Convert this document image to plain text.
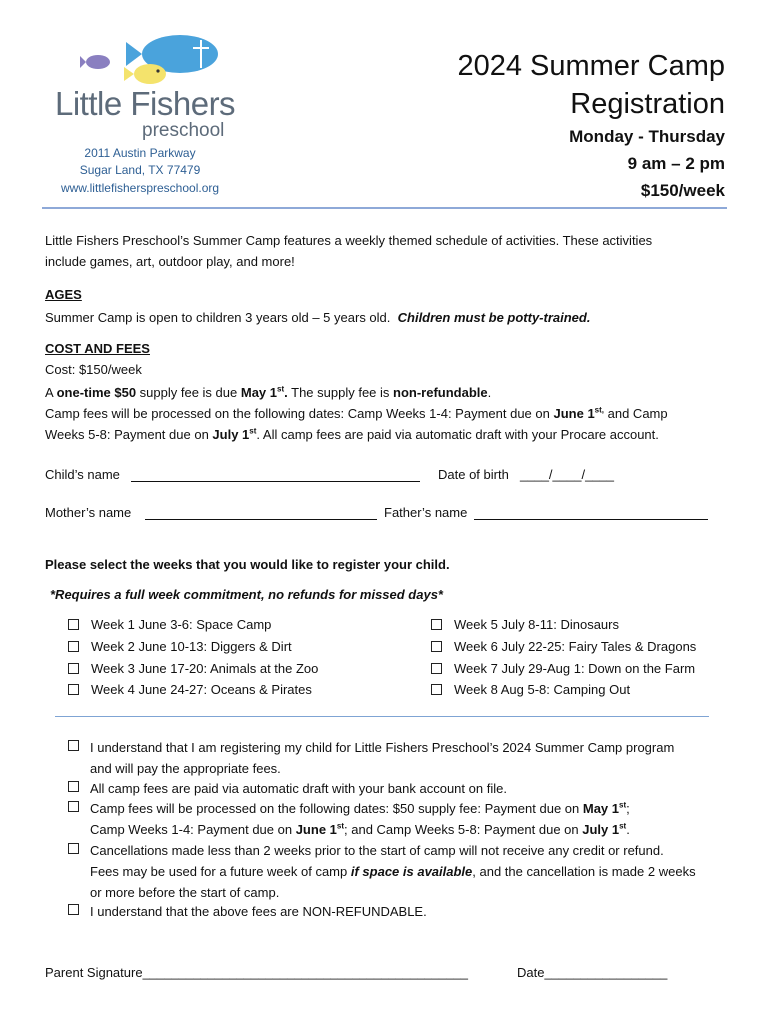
Little Fishers
preschool
2011 Austin Parkway
Sugar Land, TX 77479
www.littlefisherspreschool.org
2024 Summer Camp
Registration
Monday - Thursday
9 am – 2 pm
$150/week
Little Fishers Preschool’s Summer Camp features a weekly themed schedule of activities. These activities
include games, art, outdoor play, and more!
AGES
Summer Camp is open to children 3 years old – 5 years old. Children must be potty-trained.
COST AND FEES
Cost: $150/week
A one-time $50 supply fee is due May 1st. The supply fee is non-refundable.
Camp fees will be processed on the following dates: Camp Weeks 1-4: Payment due on June $1^{st,}$ and Camp
Weeks 5-8: Payment due on July 1st. All camp fees are paid via automatic draft with your Procare account.
Child’s name	Date of birth ____/____/____
Mother’s name	Father’s name
Please select the weeks that you would like to register your child.
*Requires a full week commitment, no refunds for missed days*
Week 1 June 3-6: Space Camp
Week 2 June 10-13: Diggers & Dirt
Week 3 June 17-20: Animals at the Zoo
Week 4 June 24-27: Oceans & Pirates
Week 5 July 8-11: Dinosaurs
Week 6 July 22-25: Fairy Tales & Dragons
Week 7 July 29-Aug 1: Down on the Farm
Week 8 Aug 5-8: Camping Out
I understand that I am registering my child for Little Fishers Preschool’s 2024 Summer Camp program
and will pay the appropriate fees.
All camp fees are paid via automatic draft with your bank account on file.
Camp fees will be processed on the following dates: $50 supply fee: Payment due on May 1st;
Camp Weeks 1-4: Payment due on June 1st; and Camp Weeks 5-8: Payment due on July 1st.
Cancellations made less than 2 weeks prior to the start of camp will not receive any credit or refund.
Fees may be used for a future week of camp if space is available, and the cancellation is made 2 weeks
or more before the start of camp.
I understand that the above fees are NON-REFUNDABLE.
Parent Signature_____________________________________________	Date_________________
